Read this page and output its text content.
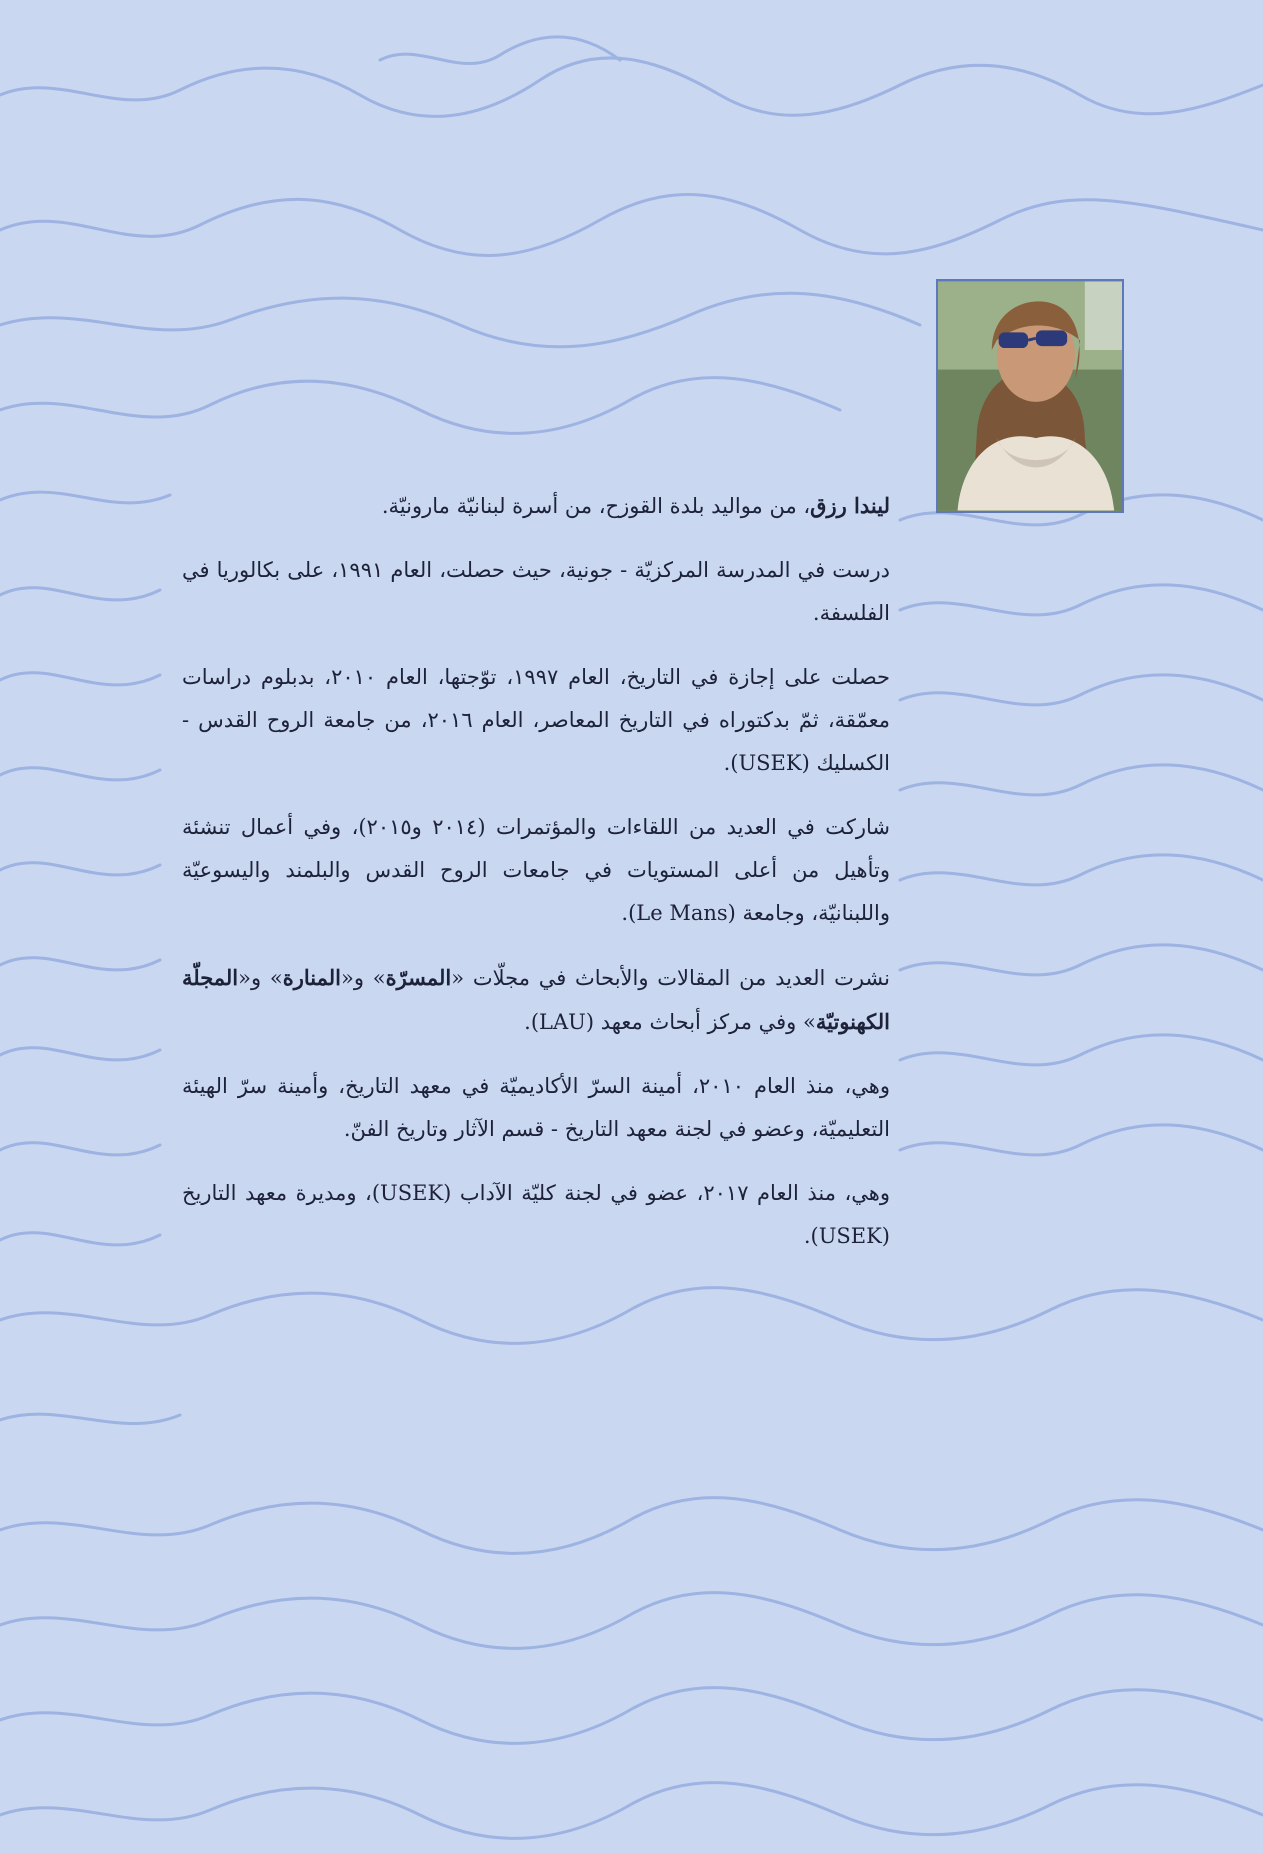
ليندا رزق، من مواليد بلدة القوزح، من أسرة لبنانيّة مارونيّة.

درست في المدرسة المركزيّة - جونية، حيث حصلت، العام ١٩٩١، على بكالوريا في الفلسفة.

حصلت على إجازة في التاريخ، العام ١٩٩٧، توّجتها، العام ٢٠١٠، بدبلوم دراسات معمّقة، ثمّ بدكتوراه في التاريخ المعاصر، العام ٢٠١٦، من جامعة الروح القدس - الكسليك (USEK).

شاركت في العديد من اللقاءات والمؤتمرات (٢٠١٤ و٢٠١٥)، وفي أعمال تنشئة وتأهيل من أعلى المستويات في جامعات الروح القدس والبلمند واليسوعيّة واللبنانيّة، وجامعة (Le Mans).

نشرت العديد من المقالات والأبحاث في مجلّات «المسرّة» و«المنارة» و«المجلّة الكهنوتيّة» وفي مركز أبحاث معهد (LAU).

وهي، منذ العام ٢٠١٠، أمينة السرّ الأكاديميّة في معهد التاريخ، وأمينة سرّ الهيئة التعليميّة، وعضو في لجنة معهد التاريخ - قسم الآثار وتاريخ الفنّ.

وهي، منذ العام ٢٠١٧، عضو في لجنة كليّة الآداب (USEK)، ومديرة معهد التاريخ (USEK).
